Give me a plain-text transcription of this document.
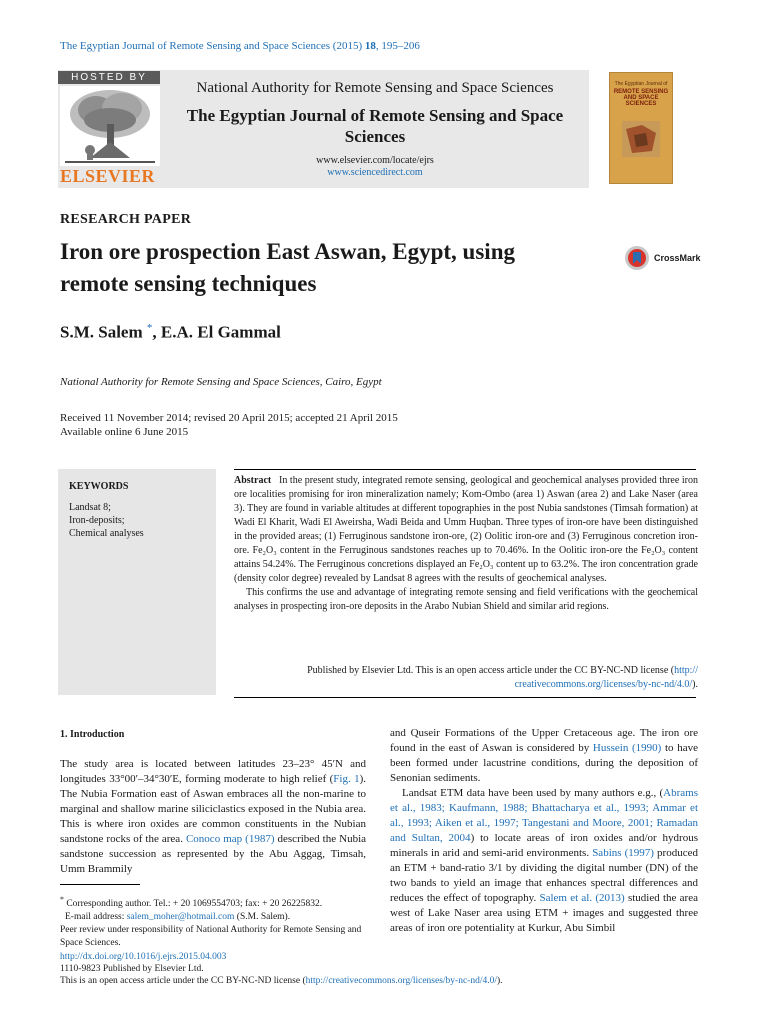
The Egyptian Journal of Remote Sensing and Space Sciences (2015) 18, 195–206
HOSTED BY
ELSEVIER
National Authority for Remote Sensing and Space Sciences
The Egyptian Journal of Remote Sensing and Space Sciences
www.elsevier.com/locate/ejrs
www.sciencedirect.com
The Egyptian Journal of
REMOTE SENSING AND SPACE SCIENCES
RESEARCH PAPER
Iron ore prospection East Aswan, Egypt, using remote sensing techniques
CrossMark
S.M. Salem *, E.A. El Gammal
National Authority for Remote Sensing and Space Sciences, Cairo, Egypt
Received 11 November 2014; revised 20 April 2015; accepted 21 April 2015
Available online 6 June 2015
KEYWORDS
Landsat 8;
Iron-deposits;
Chemical analyses

Abstract In the present study, integrated remote sensing, geological and geochemical analyses provided three iron ore localities promising for iron mineralization namely; Kom-Ombo (area 1) Aswan (area 2) and Lake Naser (area 3). They are found in variable altitudes at different topographies in the post Nubia sandstones (Timsah formation) at Wadi El Kharit, Wadi El Aweirsha, Wadi Beida and Umm Huqban. Three types of iron-ore have been distinguished in the provided areas; (1) Ferruginous sandstone iron-ore, (2) Oolitic iron-ore and (3) Ferruginous concretion iron-ore. Fe₂O₃ content in the Ferruginous sandstones reaches up to 70.46%. In the Oolitic iron-ore the Fe₂O₃ content attains 54.24%. The Ferruginous concretions displayed an Fe₂O₃ content up to 63.2%. The iron concentration grade (density color degree) revealed by Landsat 8 agrees with the results of geochemical analyses.

This confirms the use and advantage of integrating remote sensing and field verifications with the geochemical analyses in prospecting iron-ore deposits in the Arabo Nubian Shield and similar arid regions.

Published by Elsevier Ltd. This is an open access article under the CC BY-NC-ND license (http://
creativecommons.org/licenses/by-nc-nd/4.0/).
1. Introduction

The study area is located between latitudes 23–23° 45′N and longitudes 33°00′–34°30′E, forming moderate to high relief (Fig. 1). The Nubia Formation east of Aswan embraces all the non-marine to marginal and shallow marine siliciclastics exposed in the Nubia area. This is where iron oxides are common constituents in the Nubian sandstone rocks of the area. Conoco map (1987) described the Nubia sandstone succession as represented by the Abu Aggag, Timsah, Umm Brammily

* Corresponding author. Tel.: + 20 1069554703; fax: + 20 26225832.

E-mail address: salem_moher@hotmail.com (S.M. Salem).

Peer review under responsibility of National Authority for Remote Sensing and Space Sciences.

and Quseir Formations of the Upper Cretaceous age. The iron ore found in the east of Aswan is considered by Hussein (1990) to have been formed under lacustrine conditions, during the deposition of Senonian sediments.

Landsat ETM data have been used by many authors e.g., (Abrams et al., 1983; Kaufmann, 1988; Bhattacharya et al., 1993; Ammar et al., 1993; Aiken et al., 1997; Tangestani and Moore, 2001; Ramadan and Sultan, 2004) to locate areas of iron oxides and/or hydrous minerals in arid and semi-arid environments. Sabins (1997) produced an ETM + band-ratio 3/1 by dividing the digital number (DN) of the two bands to yield an image that enhances spectral differences and reduces the effect of topography. Salem et al. (2013) studied the area west of Lake Naser area using ETM + images and suggested three areas of iron ore potentiality at Kurkur, Abu Simbil

http://dx.doi.org/10.1016/j.ejrs.2015.04.003
1110-9823 Published by Elsevier Ltd.
This is an open access article under the CC BY-NC-ND license (http://creativecommons.org/licenses/by-nc-nd/4.0/).
